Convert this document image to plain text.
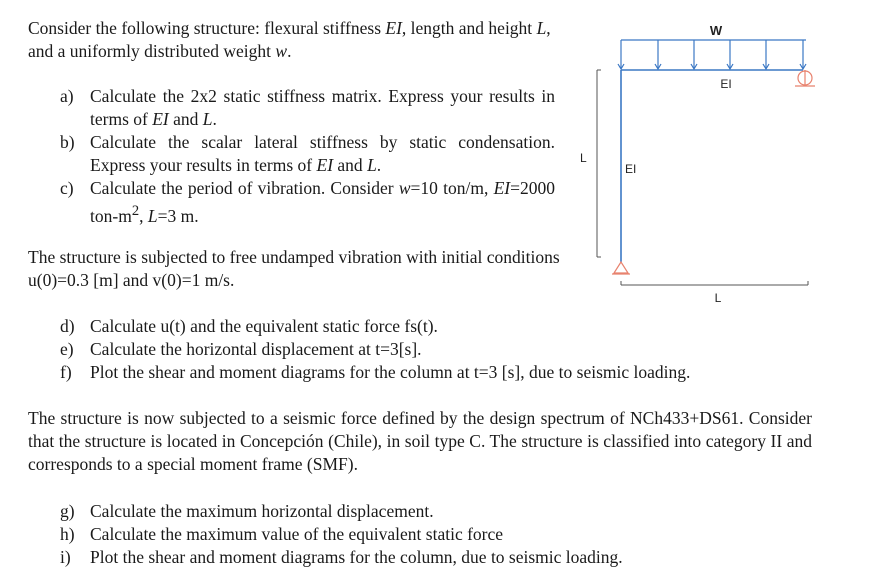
Consider the following structure: flexural stiffness EI, length and height L, and a uniformly distributed weight w.

a) Calculate the 2x2 static stiffness matrix. Express your results in terms of EI and L.
b) Calculate the scalar lateral stiffness by static condensation. Express your results in terms of EI and L.
c) Calculate the period of vibration. Consider w=10 ton/m, EI=2000 ton-$m^2$, L=3 m.

The structure is subjected to free undamped vibration with initial conditions u(0)=0.3 [m] and v(0)=1 m/s.

d) Calculate u(t) and the equivalent static force fs(t).
e) Calculate the horizontal displacement at t=3[s].
f) Plot the shear and moment diagrams for the column at t=3 [s], due to seismic loading.

The structure is now subjected to a seismic force defined by the design spectrum of NCh433+DS61. Consider that the structure is located in Concepción (Chile), in soil type C. The structure is classified into category II and corresponds to a special moment frame (SMF).

g) Calculate the maximum horizontal displacement.
h) Calculate the maximum value of the equivalent static force
i) Plot the shear and moment diagrams for the column, due to seismic loading.
W
EI
EI
L
L
